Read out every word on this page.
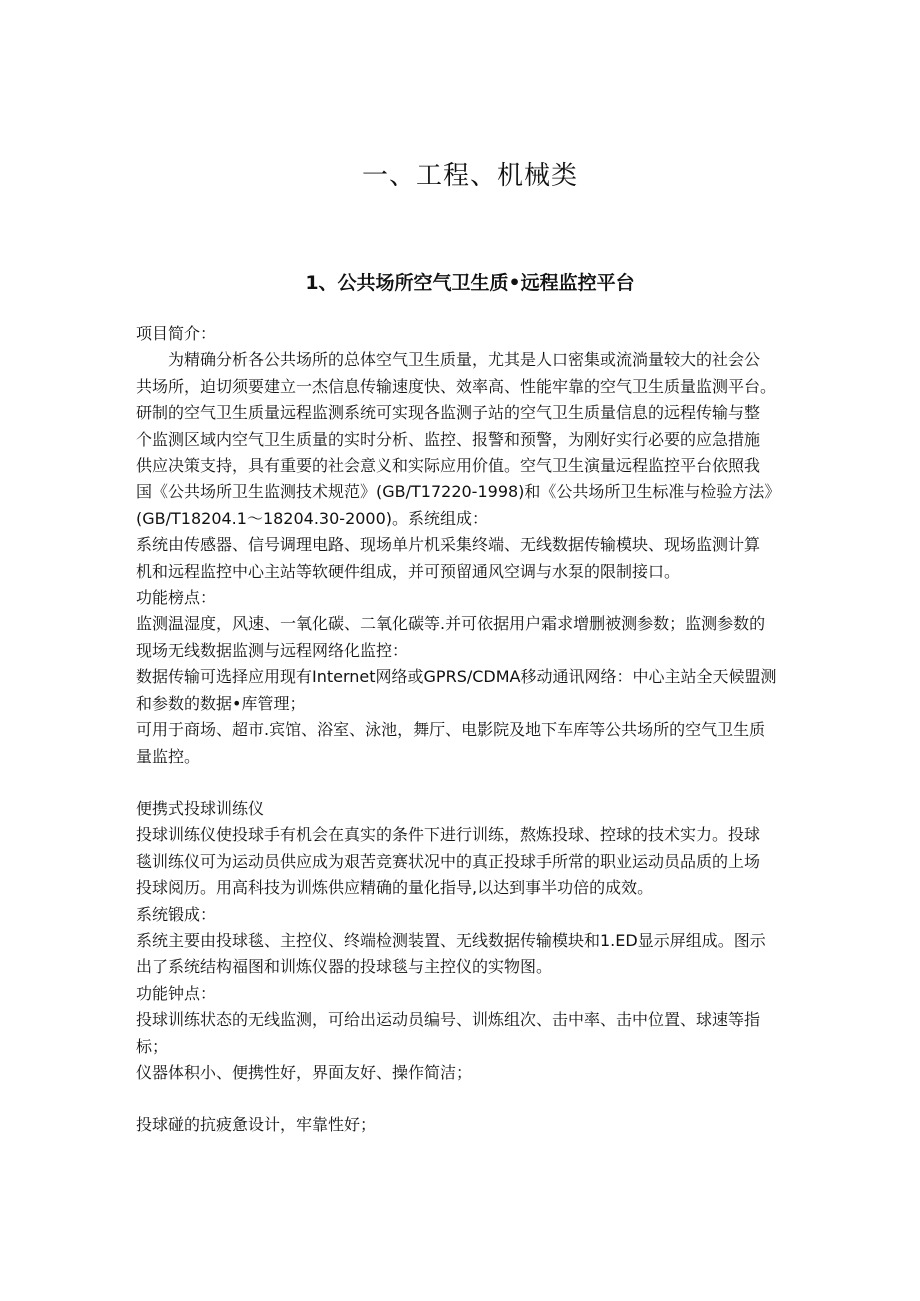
一、工程、机械类
1、公共场所空气卫生质•远程监控平台
项目简介：
　　为精确分析各公共场所的总体空气卫生质量，尤其是人口密集或流淌量较大的社会公
共场所，迫切须要建立一杰信息传输速度快、效率高、性能牢靠的空气卫生质量监测平台。
研制的空气卫生质量远程监测系统可实现各监测子站的空气卫生质量信息的远程传输与整
个监测区域内空气卫生质量的实时分析、监控、报警和预警，为刚好实行必要的应急措施
供应决策支持，具有重要的社会意义和实际应用价值。空气卫生演量远程监控平台依照我
国《公共场所卫生监测技术规范》(GB/T17220-1998)和《公共场所卫生标准与检验方法》
(GB/T18204.1～18204.30-2000)。系统组成：
系统由传感器、信号调理电路、现场单片机采集终端、无线数据传输模块、现场监测计算
机和远程监控中心主站等软硬件组成，并可预留通风空调与水泵的限制接口。
功能榜点：
监测温湿度，风速、一氧化碳、二氧化碳等.并可依据用户霜求增删被测参数；监测参数的
现场无线数据监测与远程网络化监控：
数据传输可选择应用现有Internet网络或GPRS/CDMA移动通讯网络：中心主站全天候盟测
和参数的数据•库管理；
可用于商场、超市.宾馆、浴室、泳池，舞厅、电影院及地下车库等公共场所的空气卫生质
量监控。
便携式投球训练仪
投球训练仪使投球手有机会在真实的条件下进行训练，熬炼投球、控球的技术实力。投球
毯训练仪可为运动员供应成为艰苦竞赛状况中的真正投球手所常的职业运动员品质的上场
投球阅历。用高科技为训炼供应精确的量化指导,以达到事半功倍的成效。
系统锻成：
系统主要由投球毯、主控仪、终端检测装置、无线数据传输模块和1.ED显示屏组成。图示
出了系统结构福图和训炼仪器的投球毯与主控仪的实物图。
功能钟点：
投球训练状态的无线监测，可给出运动员编号、训炼组次、击中率、击中位置、球速等指
标；
仪器体积小、便携性好，界面友好、操作简洁；
投球碰的抗疲惫设计，牢靠性好；
